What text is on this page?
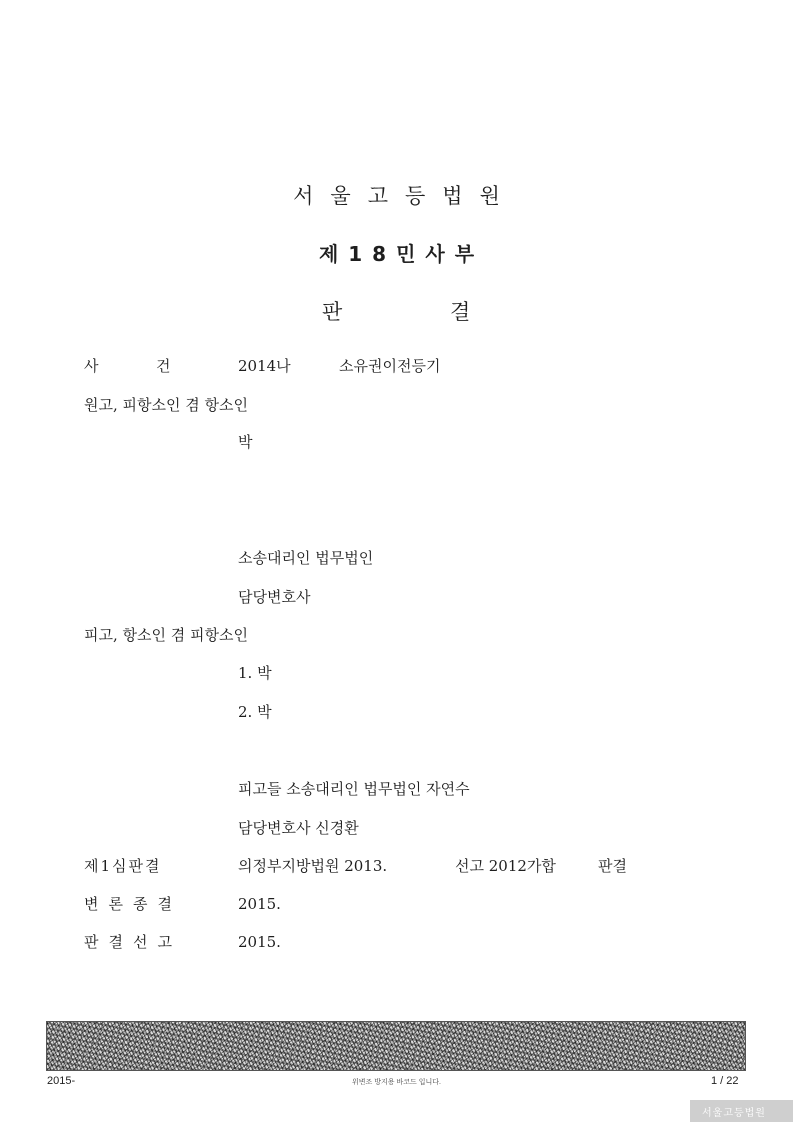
서울고등법원
제18민사부
판	결
사	건	2014나	소유권이전등기
원고, 피항소인 겸 항소인
박
소송대리인 법무법인
담당변호사
피고, 항소인 겸 피항소인
1. 박
2. 박
피고들 소송대리인 법무법인 자연수
담당변호사 신경환
제1심판결	의정부지방법원 2013.	선고 2012가합	판결
변론종결	2015.
판결선고	2015.
2015-	위변조 방지용 바코드 입니다.	1 / 22
서울고등법원
